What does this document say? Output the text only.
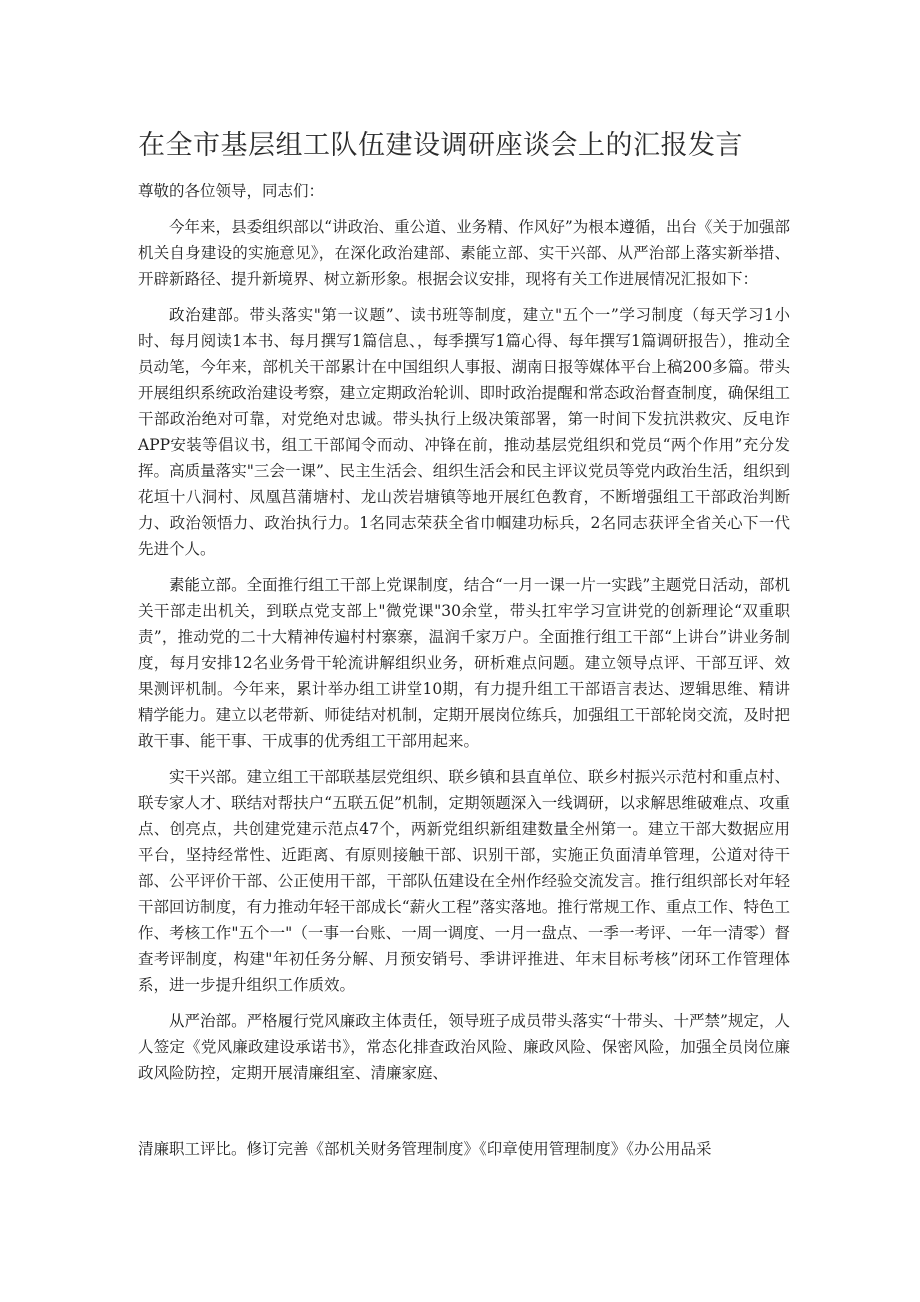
在全市基层组工队伍建设调研座谈会上的汇报发言

尊敬的各位领导，同志们：

今年来，县委组织部以“讲政治、重公道、业务精、作风好”为根本遵循，出台《关于加强部机关自身建设的实施意见》，在深化政治建部、素能立部、实干兴部、从严治部上落实新举措、开辟新路径、提升新境界、树立新形象。根据会议安排，现将有关工作进展情况汇报如下：

政治建部。带头落实"第一议题”、读书班等制度，建立"五个一”学习制度（每天学习1小时、每月阅读1本书、每月撰写1篇信息、，每季撰写1篇心得、每年撰写1篇调研报告），推动全员动笔，今年来，部机关干部累计在中国组织人事报、湖南日报等媒体平台上稿200多篇。带头开展组织系统政治建设考察，建立定期政治轮训、即时政治提醒和常态政治督查制度，确保组工干部政治绝对可靠，对党绝对忠诚。带头执行上级决策部署，第一时间下发抗洪救灾、反电诈APP安装等倡议书，组工干部闻令而动、冲锋在前，推动基层党组织和党员“两个作用”充分发挥。高质量落实"三会一课”、民主生活会、组织生活会和民主评议党员等党内政治生活，组织到花垣十八洞村、凤凰莒蒲塘村、龙山茨岩塘镇等地开展红色教育，不断增强组工干部政治判断力、政治领悟力、政治执行力。1名同志荣获全省巾帼建功标兵，2名同志获评全省关心下一代先进个人。

素能立部。全面推行组工干部上党课制度，结合“一月一课一片一实践”主题党日活动，部机关干部走出机关，到联点党支部上"微党课"30余堂，带头扛牢学习宣讲党的创新理论“双重职责”，推动党的二十大精神传遍村村寨寨，温润千家万户。全面推行组工干部“上讲台”讲业务制度，每月安排12名业务骨干轮流讲解组织业务，研析难点问题。建立领导点评、干部互评、效果测评机制。今年来，累计举办组工讲堂10期，有力提升组工干部语言表达、逻辑思维、精讲精学能力。建立以老带新、师徒结对机制，定期开展岗位练兵，加强组工干部轮岗交流，及时把敢干事、能干事、干成事的优秀组工干部用起来。

实干兴部。建立组工干部联基层党组织、联乡镇和县直单位、联乡村振兴示范村和重点村、联专家人才、联结对帮扶户“五联五促”机制，定期领题深入一线调研，以求解思维破难点、攻重点、创亮点，共创建党建示范点47个，两新党组织新组建数量全州第一。建立干部大数据应用平台，坚持经常性、近距离、有原则接触干部、识别干部，实施正负面清单管理，公道对待干部、公平评价干部、公正使用干部，干部队伍建设在全州作经验交流发言。推行组织部长对年轻干部回访制度，有力推动年轻干部成长“薪火工程”落实落地。推行常规工作、重点工作、特色工作、考核工作"五个一"（一事一台账、一周一调度、一月一盘点、一季一考评、一年一清零）督查考评制度，构建"年初任务分解、月预安销号、季讲评推进、年末目标考核”闭环工作管理体系，进一步提升组织工作质效。

从严治部。严格履行党风廉政主体责任，领导班子成员带头落实“十带头、十严禁”规定，人人签定《党风廉政建设承诺书》，常态化排查政治风险、廉政风险、保密风险，加强全员岗位廉政风险防控，定期开展清廉组室、清廉家庭、

清廉职工评比。修订完善《部机关财务管理制度》《印章使用管理制度》《办公用品采
